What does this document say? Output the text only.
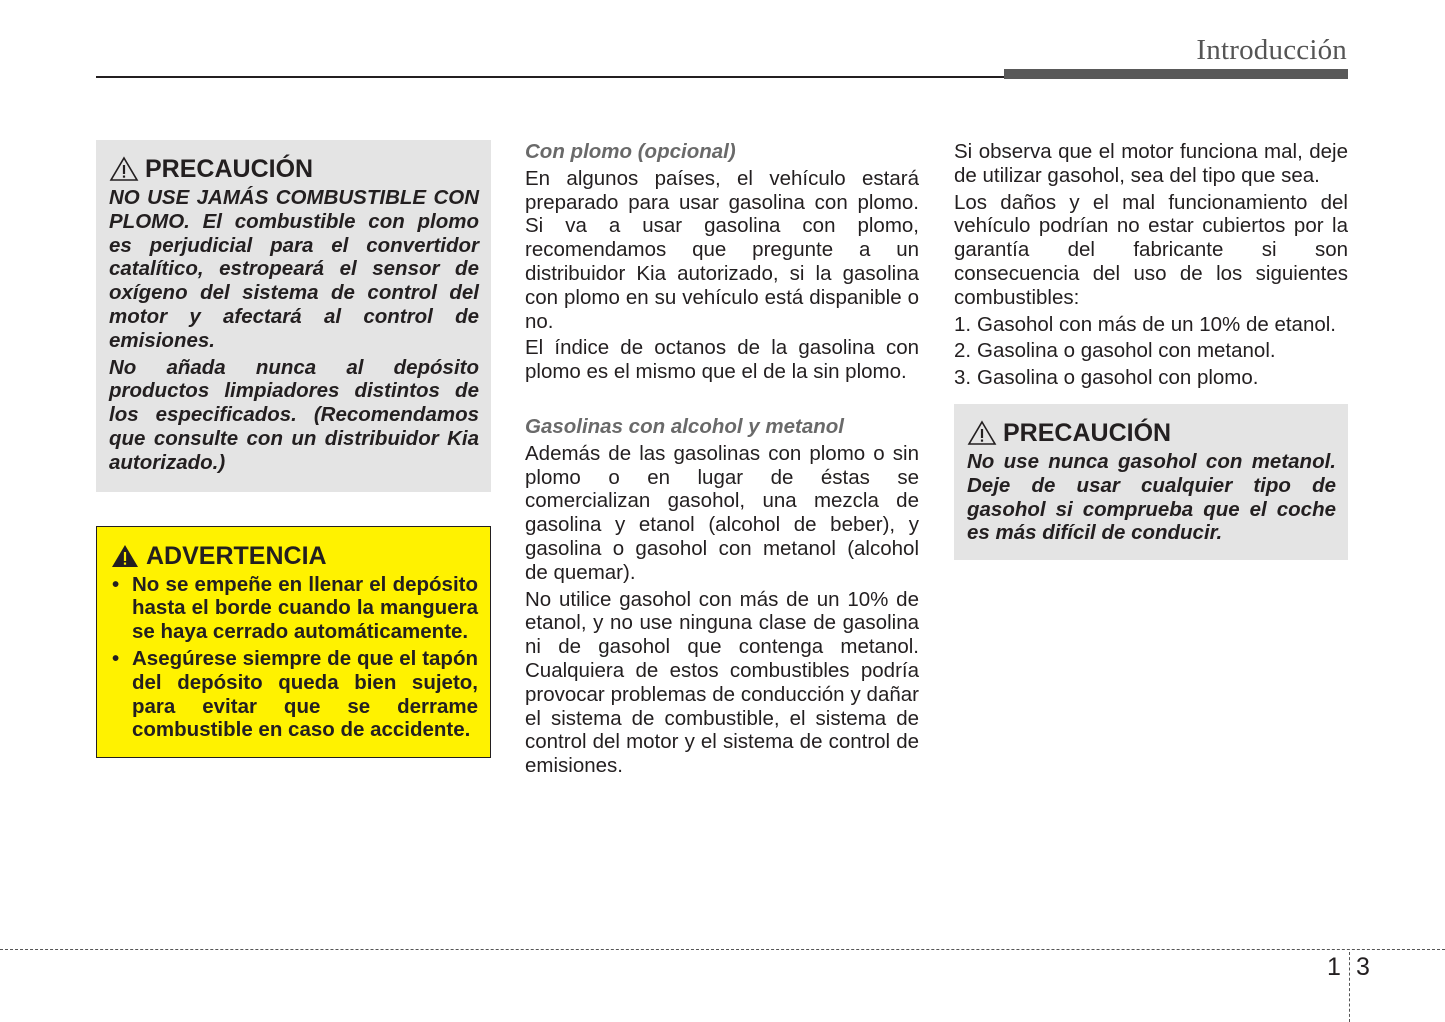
Introducción
PRECAUCIÓN

NO USE JAMÁS COMBUSTIBLE CON PLOMO. El combustible con plomo es perjudicial para el convertidor catalítico, estropeará el sensor de oxígeno del sistema de control del motor y afectará al control de emisiones.

No añada nunca al depósito productos limpiadores distintos de los especificados. (Recomendamos que consulte con un distribuidor Kia autorizado.)

ADVERTENCIA
• No se empeñe en llenar el depósito hasta el borde cuando la manguera se haya cerrado automáticamente.
• Asegúrese siempre de que el tapón del depósito queda bien sujeto, para evitar que se derrame combustible en caso de accidente.

Con plomo (opcional)

En algunos países, el vehículo estará preparado para usar gasolina con plomo. Si va a usar gasolina con plomo, recomendamos que pregunte a un distribuidor Kia autorizado, si la gasolina con plomo en su vehículo está dispanible o no.

El índice de octanos de la gasolina con plomo es el mismo que el de la sin plomo.

Gasolinas con alcohol y metanol

Además de las gasolinas con plomo o sin plomo o en lugar de éstas se comercializan gasohol, una mezcla de gasolina y etanol (alcohol de beber), y gasolina o gasohol con metanol (alcohol de quemar).

No utilice gasohol con más de un 10% de etanol, y no use ninguna clase de gasolina ni de gasohol que contenga metanol. Cualquiera de estos combustibles podría provocar problemas de conducción y dañar el sistema de combustible, el sistema de control del motor y el sistema de control de emisiones.

Si observa que el motor funciona mal, deje de utilizar gasohol, sea del tipo que sea.

Los daños y el mal funcionamiento del vehículo podrían no estar cubiertos por la garantía del fabricante si son consecuencia del uso de los siguientes combustibles:

1. Gasohol con más de un 10% de etanol.
2. Gasolina o gasohol con metanol.
3. Gasolina o gasohol con plomo.
PRECAUCIÓN

No use nunca gasohol con metanol. Deje de usar cualquier tipo de gasohol si comprueba que el coche es más difícil de conducir.

1 3
